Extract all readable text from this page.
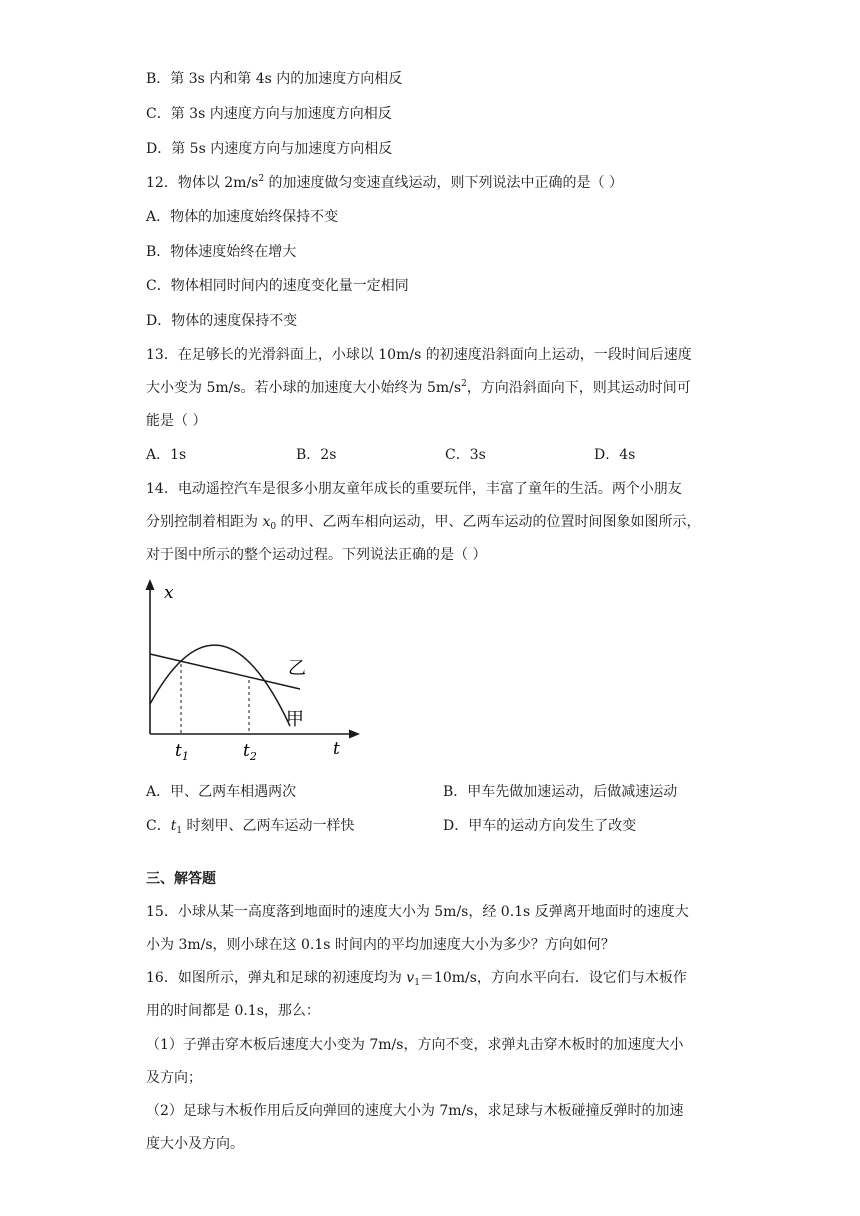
B．第 3s 内和第 4s 内的加速度方向相反
C．第 3s 内速度方向与加速度方向相反
D．第 5s 内速度方向与加速度方向相反
12．物体以 $2m/s^2$ 的加速度做匀变速直线运动，则下列说法中正确的是（ ）
A．物体的加速度始终保持不变
B．物体速度始终在增大
C．物体相同时间内的速度变化量一定相同
D．物体的速度保持不变
13．在足够长的光滑斜面上，小球以 10m/s 的初速度沿斜面向上运动，一段时间后速度
大小变为 5m/s。若小球的加速度大小始终为 $5m/s^2$，方向沿斜面向下，则其运动时间可
能是（ ）
A．1s	B．2s	C．3s	D．4s
14．电动遥控汽车是很多小朋友童年成长的重要玩伴，丰富了童年的生活。两个小朋友
分别控制着相距为 $x_0$ 的甲、乙两车相向运动，甲、乙两车运动的位置时间图象如图所示，
对于图中所示的整个运动过程。下列说法正确的是（ ）
x
t
$t_1$	$t_2$
乙
甲
A．甲、乙两车相遇两次	B．甲车先做加速运动，后做减速运动
C．$t_1$ 时刻甲、乙两车运动一样快	D．甲车的运动方向发生了改变
三、解答题
15．小球从某一高度落到地面时的速度大小为 5m/s，经 0.1s 反弹离开地面时的速度大
小为 3m/s，则小球在这 0.1s 时间内的平均加速度大小为多少？方向如何？
16．如图所示，弹丸和足球的初速度均为 $v_1=10m/s$，方向水平向右．设它们与木板作
用的时间都是 0.1s，那么：
（1）子弹击穿木板后速度大小变为 7m/s，方向不变，求弹丸击穿木板时的加速度大小
及方向；
（2）足球与木板作用后反向弹回的速度大小为 7m/s，求足球与木板碰撞反弹时的加速
度大小及方向。
